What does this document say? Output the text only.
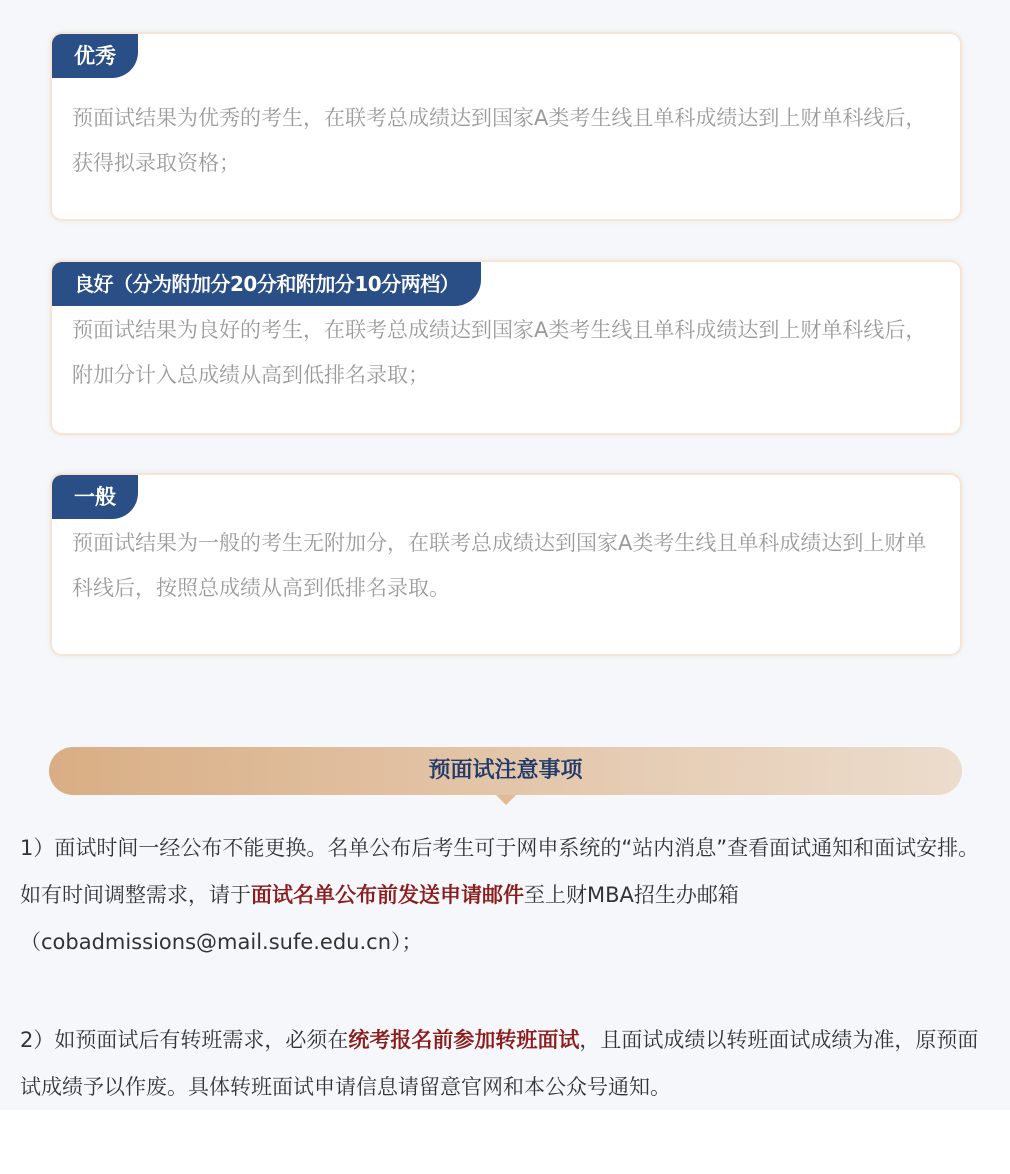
优秀
预面试结果为优秀的考生，在联考总成绩达到国家A类考生线且单科成绩达到上财单科线后，获得拟录取资格；
良好（分为附加分20分和附加分10分两档）
预面试结果为良好的考生，在联考总成绩达到国家A类考生线且单科成绩达到上财单科线后，附加分计入总成绩从高到低排名录取；
一般
预面试结果为一般的考生无附加分，在联考总成绩达到国家A类考生线且单科成绩达到上财单科线后，按照总成绩从高到低排名录取。
预面试注意事项
1）面试时间一经公布不能更换。名单公布后考生可于网申系统的“站内消息”查看面试通知和面试安排。如有时间调整需求，请于面试名单公布前发送申请邮件至上财MBA招生办邮箱（cobadmissions@mail.sufe.edu.cn）；
2）如预面试后有转班需求，必须在统考报名前参加转班面试，且面试成绩以转班面试成绩为准，原预面试成绩予以作废。具体转班面试申请信息请留意官网和本公众号通知。
